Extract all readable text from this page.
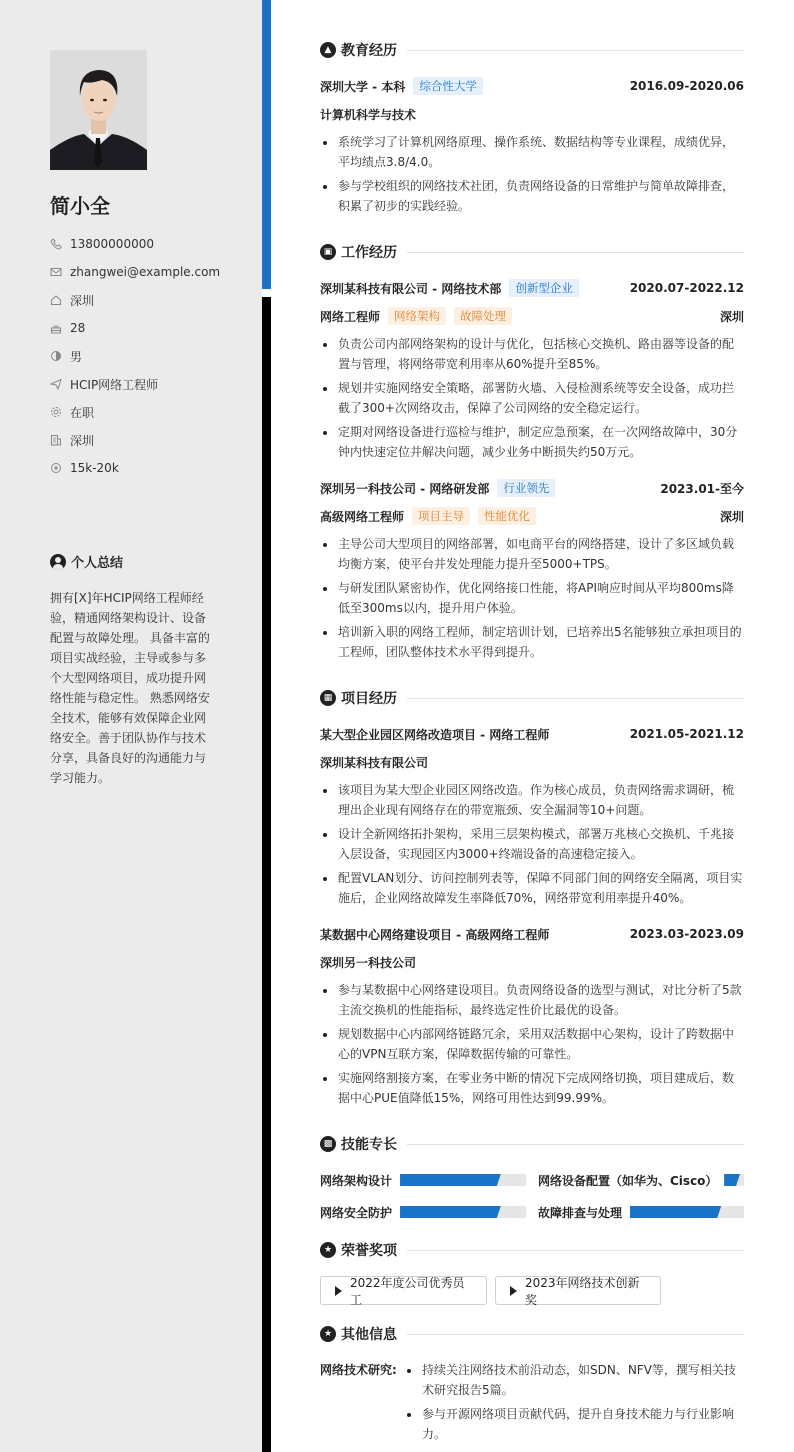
简小全
13800000000
zhangwei@example.com
深圳
28
男
HCIP网络工程师
在职
深圳
15k-20k
个人总结
拥有[X]年HCIP网络工程师经验，精通网络架构设计、设备配置与故障处理。 具备丰富的项目实战经验，主导或参与多个大型网络项目，成功提升网络性能与稳定性。 熟悉网络安全技术，能够有效保障企业网络安全。善于团队协作与技术分享，具备良好的沟通能力与学习能力。
▲ 教育经历
深圳大学 - 本科	综合性大学	2016.09-2020.06
计算机科学与技术
系统学习了计算机网络原理、操作系统、数据结构等专业课程，成绩优异，平均绩点3.8/4.0。
参与学校组织的网络技术社团，负责网络设备的日常维护与简单故障排查，积累了初步的实践经验。
▣ 工作经历
深圳某科技有限公司 - 网络技术部	创新型企业	2020.07-2022.12
网络工程师	网络架构	故障处理	深圳
负责公司内部网络架构的设计与优化，包括核心交换机、路由器等设备的配置与管理，将网络带宽利用率从60%提升至85%。
规划并实施网络安全策略，部署防火墙、入侵检测系统等安全设备，成功拦截了300+次网络攻击，保障了公司网络的安全稳定运行。
定期对网络设备进行巡检与维护，制定应急预案，在一次网络故障中，30分钟内快速定位并解决问题，减少业务中断损失约50万元。
深圳另一科技公司 - 网络研发部	行业领先	2023.01-至今
高级网络工程师	项目主导	性能优化	深圳
主导公司大型项目的网络部署，如电商平台的网络搭建，设计了多区域负载均衡方案，使平台并发处理能力提升至5000+TPS。
与研发团队紧密协作，优化网络接口性能，将API响应时间从平均800ms降低至300ms以内，提升用户体验。
培训新入职的网络工程师，制定培训计划，已培养出5名能够独立承担项目的工程师，团队整体技术水平得到提升。
▦ 项目经历
某大型企业园区网络改造项目 - 网络工程师	2021.05-2021.12
深圳某科技有限公司
该项目为某大型企业园区网络改造。作为核心成员，负责网络需求调研，梳理出企业现有网络存在的带宽瓶颈、安全漏洞等10+问题。
设计全新网络拓扑架构，采用三层架构模式，部署万兆核心交换机、千兆接入层设备，实现园区内3000+终端设备的高速稳定接入。
配置VLAN划分、访问控制列表等，保障不同部门间的网络安全隔离，项目实施后，企业网络故障发生率降低70%，网络带宽利用率提升40%。
某数据中心网络建设项目 - 高级网络工程师	2023.03-2023.09
深圳另一科技公司
参与某数据中心网络建设项目。负责网络设备的选型与测试，对比分析了5款主流交换机的性能指标，最终选定性价比最优的设备。
规划数据中心内部网络链路冗余，采用双活数据中心架构，设计了跨数据中心的VPN互联方案，保障数据传输的可靠性。
实施网络割接方案，在零业务中断的情况下完成网络切换，项目建成后，数据中心PUE值降低15%，网络可用性达到99.99%。
▩ 技能专长
网络架构设计	网络设备配置（如华为、Cisco）
网络安全防护	故障排查与处理
★ 荣誉奖项
2022年度公司优秀员工
2023年网络技术创新奖
★ 其他信息
网络技术研究:	持续关注网络技术前沿动态，如SDN、NFV等，撰写相关技术研究报告5篇。
参与开源网络项目贡献代码，提升自身技术能力与行业影响力。
